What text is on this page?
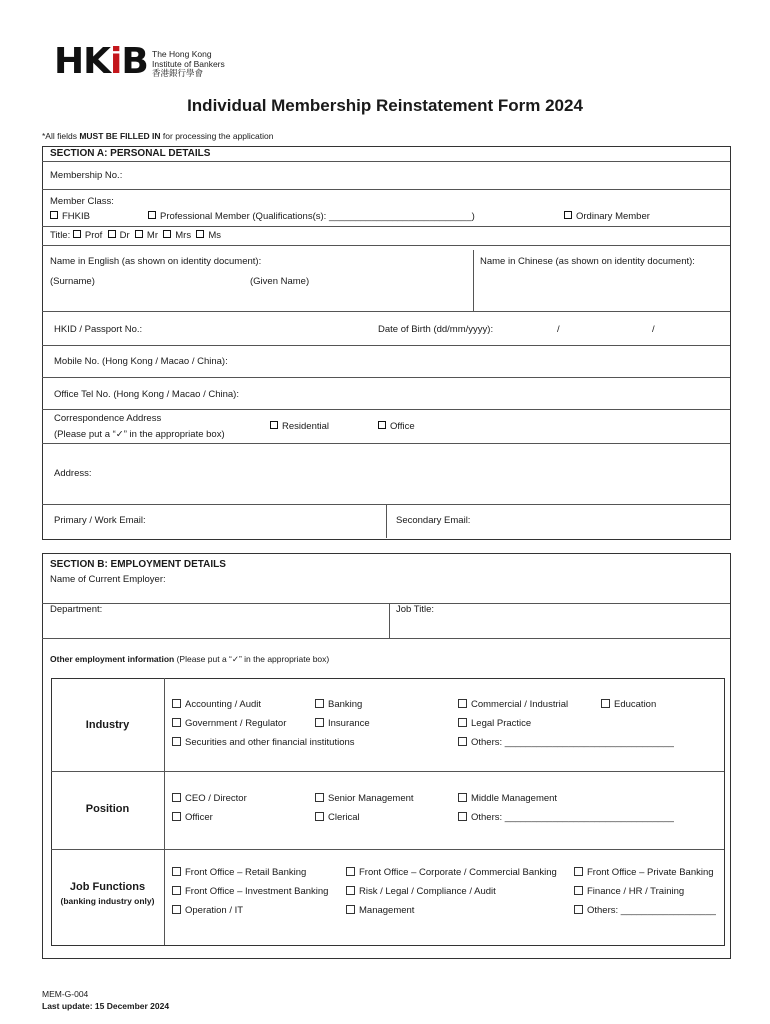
HKiB The Hong Kong
Institute of Bankers
香港銀行學會
Individual Membership Reinstatement Form 2024
*All fields MUST BE FILLED IN for processing the application
SECTION A: PERSONAL DETAILS
Membership No.:
Member Class:
FHKIB	Professional Member (Qualifications(s): ___________________________)	Ordinary Member
Title: Prof Dr Mr Mrs Ms
Name in English (as shown on identity document):	Name in Chinese (as shown on identity document):
(Surname)	(Given Name)
HKID / Passport No.:	Date of Birth (dd/mm/yyyy):	/	/
Mobile No. (Hong Kong / Macao / China):
Office Tel No. (Hong Kong / Macao / China):
Correspondence Address
(Please put a “✓” in the appropriate box)
Residential	Office
Address:
Primary / Work Email:	Secondary Email:
SECTION B: EMPLOYMENT DETAILS
Name of Current Employer:
Department:	Job Title:
Other employment information (Please put a “✓” in the appropriate box)
Industry
Accounting / Audit	Banking	Commercial / Industrial	Education
Government / Regulator	Insurance	Legal Practice
Securities and other financial institutions	Others: ________________________________
Position
CEO / Director	Senior Management	Middle Management
Officer	Clerical	Others: ________________________________
Job Functions
(banking industry only)
Front Office – Retail Banking	Front Office – Corporate / Commercial Banking	Front Office – Private Banking
Front Office – Investment Banking	Risk / Legal / Compliance / Audit	Finance / HR / Training
Operation / IT	Management	Others: __________________
MEM-G-004
Last update: 15 December 2024
